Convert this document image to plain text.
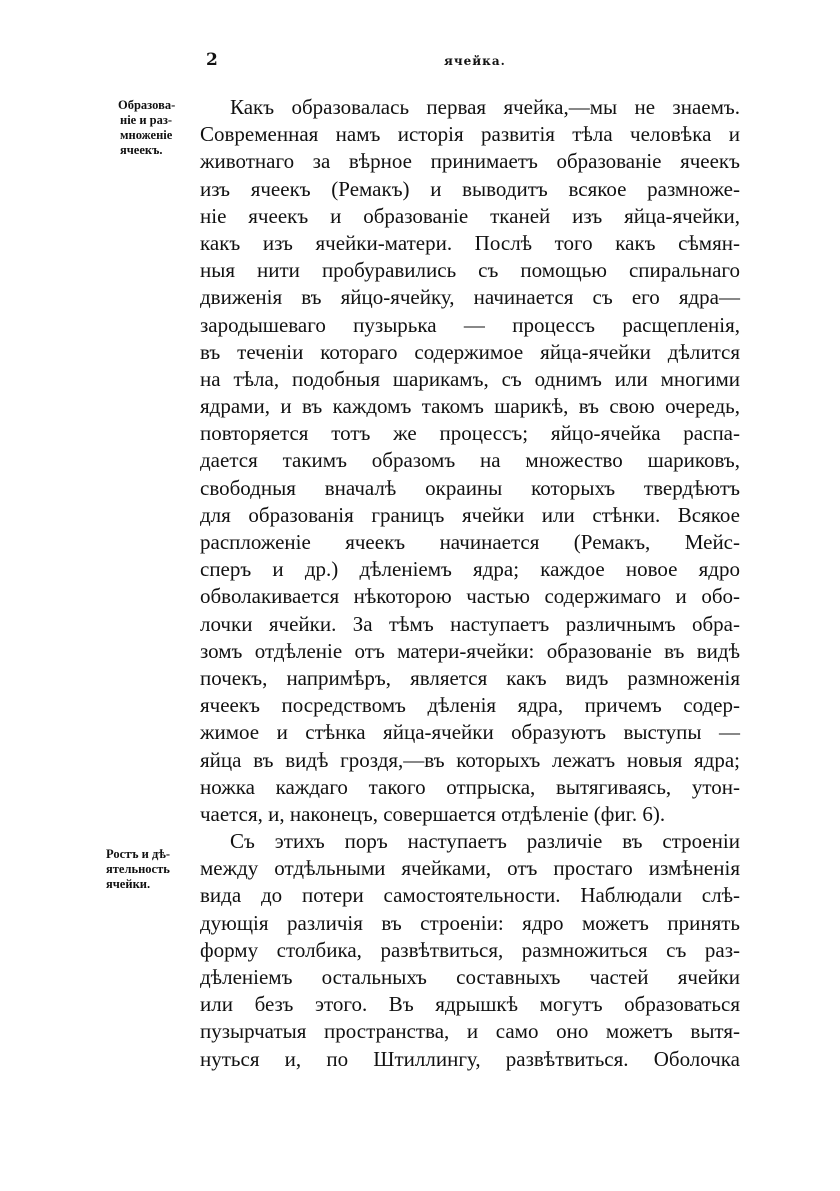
2	ячейка.
Образова-
ніе и раз-
множеніе
ячеекъ.
Ростъ и дѣ-
ятельность
ячейки.
Какъ образовалась первая ячейка,—мы не знаемъ.
Современная намъ исторія развитія тѣла человѣка и
животнаго за вѣрное принимаетъ образованіе ячеекъ
изъ ячеекъ (Ремакъ) и выводитъ всякое размноже-
ніе ячеекъ и образованіе тканей изъ яйца-ячейки,
какъ изъ ячейки-матери. Послѣ того какъ сѣмян-
ныя нити пробуравились съ помощью спиральнаго
движенія въ яйцо-ячейку, начинается съ его ядра—
зародышеваго пузырька — процессъ расщепленія,
въ теченіи котораго содержимое яйца-ячейки дѣлится
на тѣла, подобныя шарикамъ, съ однимъ или многими
ядрами, и въ каждомъ такомъ шарикѣ, въ свою очередь,
повторяется тотъ же процессъ; яйцо-ячейка распа-
дается такимъ образомъ на множество шариковъ,
свободныя вначалѣ окраины которыхъ твердѣютъ
для образованія границъ ячейки или стѣнки. Всякое
распложеніе ячеекъ начинается (Ремакъ, Мейс-
сперъ и др.) дѣленіемъ ядра; каждое новое ядро
обволакивается нѣкоторою частью содержимаго и обо-
лочки ячейки. За тѣмъ наступаетъ различнымъ обра-
зомъ отдѣленіе отъ матери-ячейки: образованіе въ видѣ
почекъ, напримѣръ, является какъ видъ размноженія
ячеекъ посредствомъ дѣленія ядра, причемъ содер-
жимое и стѣнка яйца-ячейки образуютъ выступы —
яйца въ видѣ гроздя,—въ которыхъ лежатъ новыя ядра;
ножка каждаго такого отпрыска, вытягиваясь, утон-
чается, и, наконецъ, совершается отдѣленіе (фиг. 6).
Съ этихъ поръ наступаетъ различіе въ строеніи
между отдѣльными ячейками, отъ простаго измѣненія
вида до потери самостоятельности. Наблюдали слѣ-
дующія различія въ строеніи: ядро можетъ принять
форму столбика, развѣтвиться, размножиться съ раз-
дѣленіемъ остальныхъ составныхъ частей ячейки
или безъ этого. Въ ядрышкѣ могутъ образоваться
пузырчатыя пространства, и само оно можетъ вытя-
нуться и, по Штиллингу, развѣтвиться. Оболочка
